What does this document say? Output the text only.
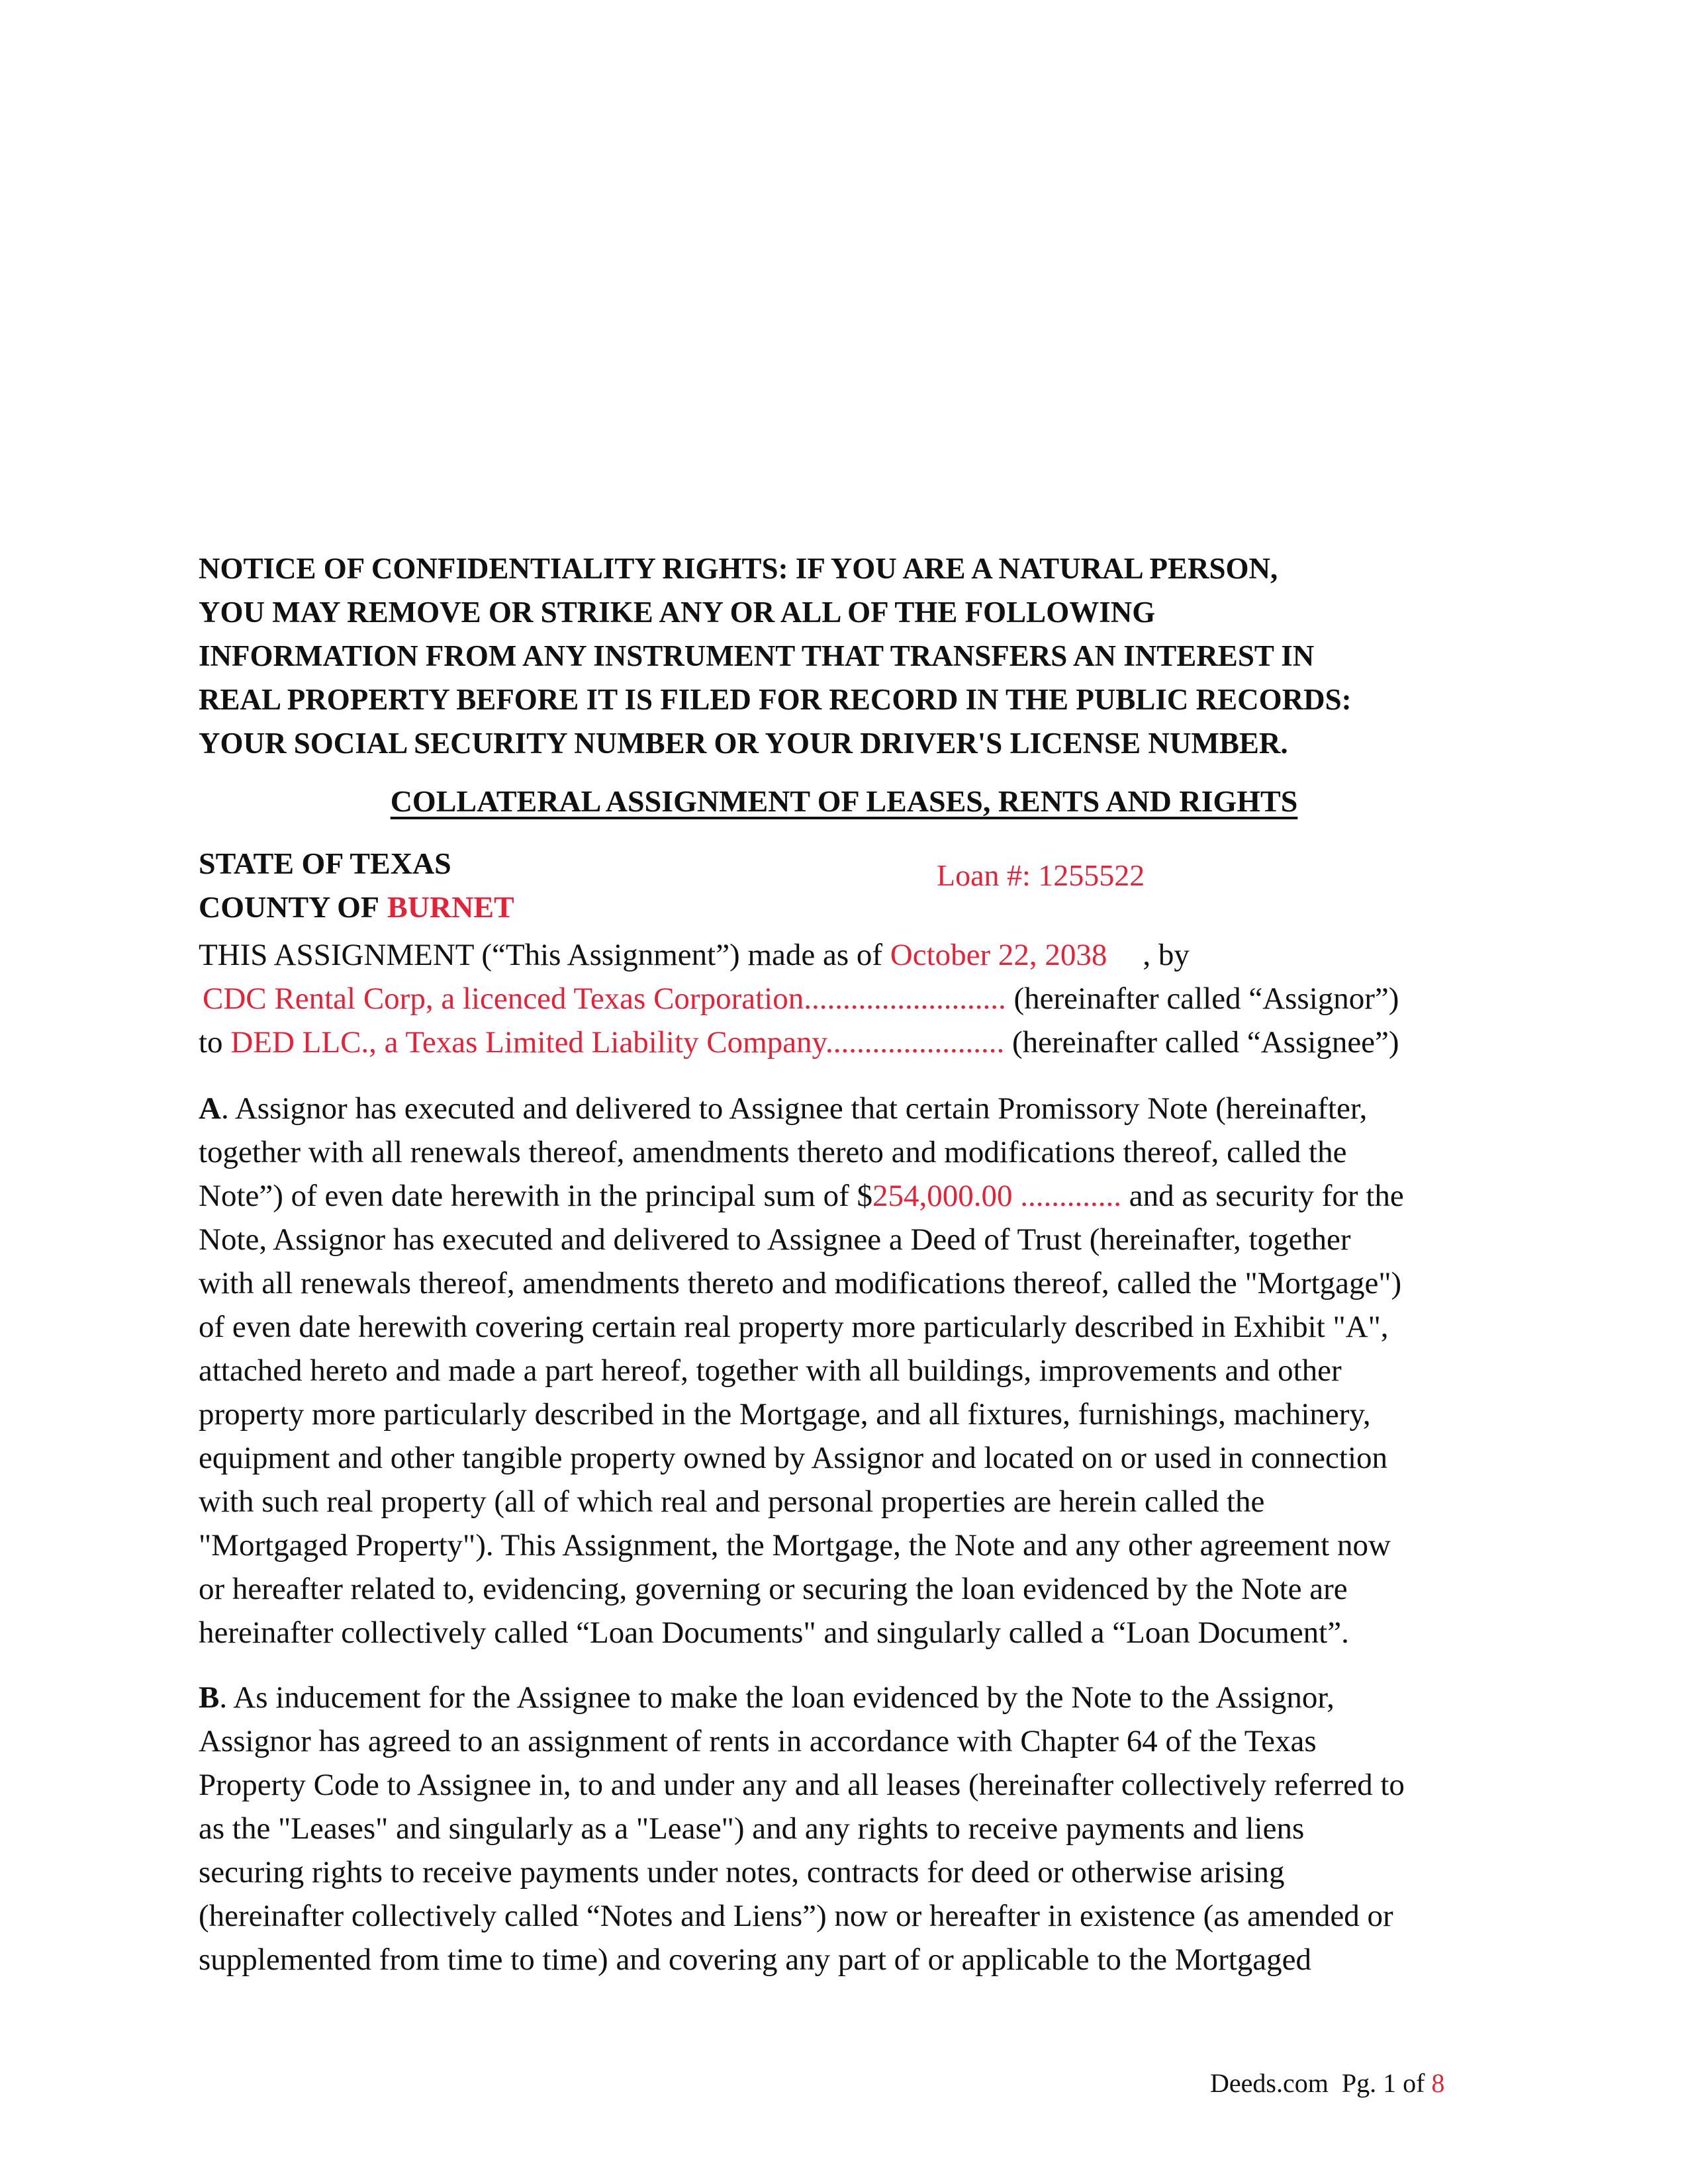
NOTICE OF CONFIDENTIALITY RIGHTS: IF YOU ARE A NATURAL PERSON,
YOU MAY REMOVE OR STRIKE ANY OR ALL OF THE FOLLOWING
INFORMATION FROM ANY INSTRUMENT THAT TRANSFERS AN INTEREST IN
REAL PROPERTY BEFORE IT IS FILED FOR RECORD IN THE PUBLIC RECORDS:
YOUR SOCIAL SECURITY NUMBER OR YOUR DRIVER'S LICENSE NUMBER.
COLLATERAL ASSIGNMENT OF LEASES, RENTS AND RIGHTS
STATE OF TEXAS
COUNTY OF BURNET
Loan #: 1255522
THIS ASSIGNMENT (“This Assignment”) made as of October 22, 2038 , by
CDC Rental Corp, a licenced Texas Corporation.......................... (hereinafter called “Assignor”)
to DED LLC., a Texas Limited Liability Company....................... (hereinafter called “Assignee”)
A. Assignor has executed and delivered to Assignee that certain Promissory Note (hereinafter,
together with all renewals thereof, amendments thereto and modifications thereof, called the
Note”) of even date herewith in the principal sum of $254,000.00 ............. and as security for the
Note, Assignor has executed and delivered to Assignee a Deed of Trust (hereinafter, together
with all renewals thereof, amendments thereto and modifications thereof, called the "Mortgage")
of even date herewith covering certain real property more particularly described in Exhibit "A",
attached hereto and made a part hereof, together with all buildings, improvements and other
property more particularly described in the Mortgage, and all fixtures, furnishings, machinery,
equipment and other tangible property owned by Assignor and located on or used in connection
with such real property (all of which real and personal properties are herein called the
"Mortgaged Property"). This Assignment, the Mortgage, the Note and any other agreement now
or hereafter related to, evidencing, governing or securing the loan evidenced by the Note are
hereinafter collectively called “Loan Documents" and singularly called a “Loan Document”.
B. As inducement for the Assignee to make the loan evidenced by the Note to the Assignor,
Assignor has agreed to an assignment of rents in accordance with Chapter 64 of the Texas
Property Code to Assignee in, to and under any and all leases (hereinafter collectively referred to
as the "Leases" and singularly as a "Lease") and any rights to receive payments and liens
securing rights to receive payments under notes, contracts for deed or otherwise arising
(hereinafter collectively called “Notes and Liens”) now or hereafter in existence (as amended or
supplemented from time to time) and covering any part of or applicable to the Mortgaged
Deeds.com Pg. 1 of 8
